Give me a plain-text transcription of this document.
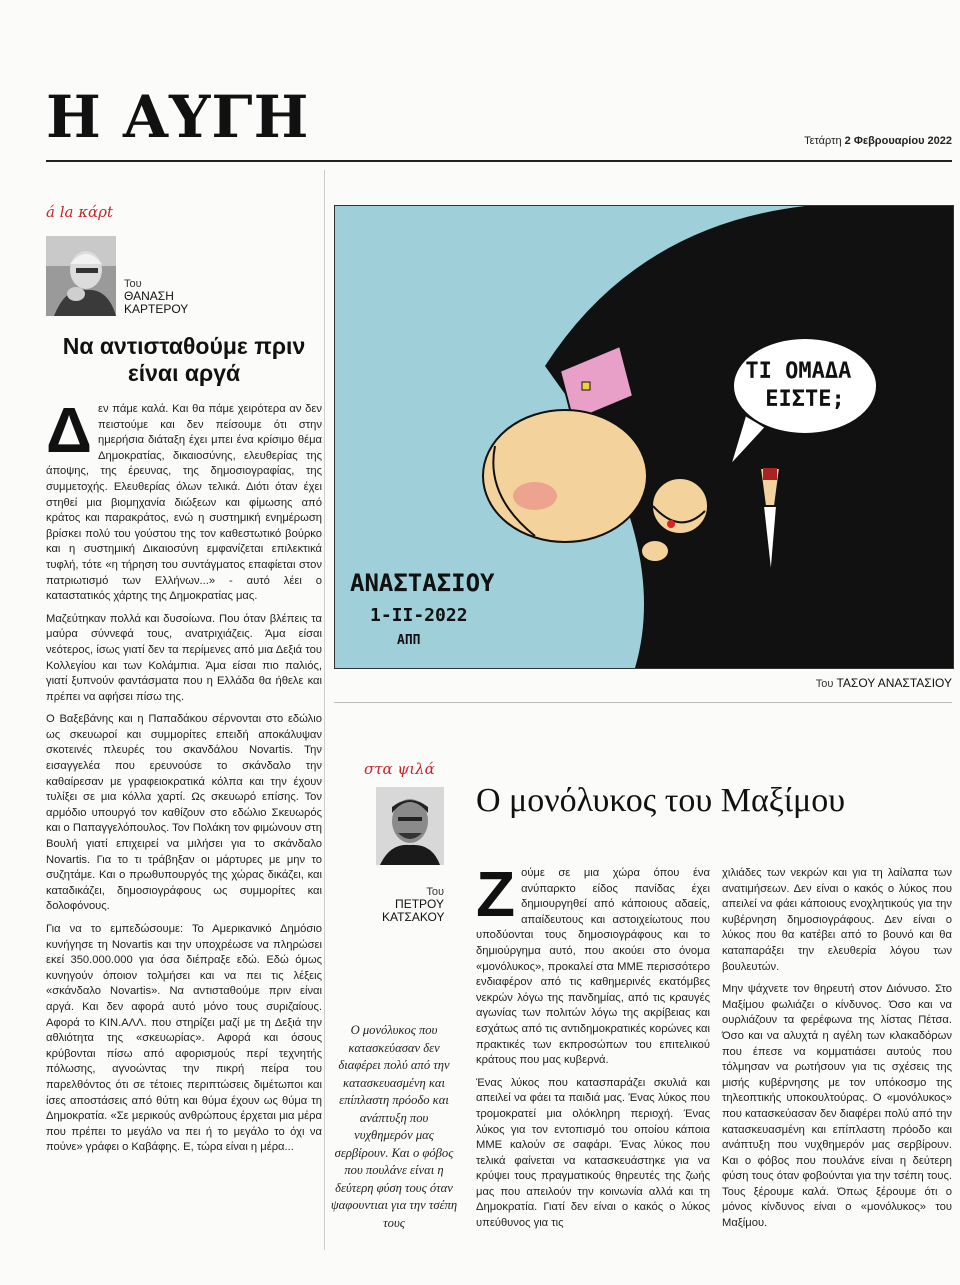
Η ΑΥΓΗ	Τετάρτη 2 Φεβρουαρίου 2022
á la κάρt
Του
ΘΑΝΑΣΗ ΚΑΡΤΕΡΟΥ
Να αντισταθούμε πριν είναι αργά

Δεν πάμε καλά. Και θα πάμε χειρότερα αν δεν πειστούμε και δεν πείσουμε ότι στην ημερήσια διάταξη έχει μπει ένα κρίσιμο θέμα Δημοκρατίας, δικαιοσύνης, ελευθερίας της άποψης, της έρευνας, της δημοσιογραφίας, της συμμετοχής. Ελευθερίας όλων τελικά. Διότι όταν έχει στηθεί μια βιομηχανία διώξεων και φίμωσης από κράτος και παρακράτος, ενώ η συστημική ενημέρωση βρίσκει πολύ του γούστου της τον καθεστωτικό βούρκο και η συστημική Δικαιοσύνη εμφανίζεται επιλεκτικά τυφλή, τότε «η τήρηση του συντάγματος επαφίεται στον πατριωτισμό των Ελλήνων...» - αυτό λέει ο καταστατικός χάρτης της Δημοκρατίας μας.

Μαζεύτηκαν πολλά και δυσοίωνα. Που όταν βλέπεις τα μαύρα σύννεφά τους, ανατριχιάζεις. Άμα είσαι νεότερος, ίσως γιατί δεν τα περίμενες από μια Δεξιά του Κολλεγίου και των Κολάμπια. Άμα είσαι πιο παλιός, γιατί ξυπνούν φαντάσματα που η Ελλάδα θα ήθελε και πρέπει να αφήσει πίσω της.

Ο Βαξεβάνης και η Παπαδάκου σέρνονται στο εδώλιο ως σκευωροί και συμμορίτες επειδή αποκάλυψαν σκοτεινές πλευρές του σκανδάλου Novartis. Την εισαγγελέα που ερευνούσε το σκάνδαλο την καθαίρεσαν με γραφειοκρατικά κόλπα και την έχουν τυλίξει σε μια κόλλα χαρτί. Ως σκευωρό επίσης. Τον αρμόδιο υπουργό τον καθίζουν στο εδώλιο Σκευωρός και ο Παπαγγελόπουλος. Τον Πολάκη τον φιμώνουν στη Βουλή γιατί επιχειρεί να μιλήσει για το σκάνδαλο Novartis. Για το τι τράβηξαν οι μάρτυρες με μην το συζητάμε. Και ο πρωθυπουργός της χώρας δικάζει, και καταδικάζει, δημοσιογράφους ως συμμορίτες και δολοφόνους.

Για να το εμπεδώσουμε: Το Αμερικανικό Δημόσιο κυνήγησε τη Novartis και την υποχρέωσε να πληρώσει εκεί 350.000.000 για όσα διέπραξε εδώ. Εδώ όμως κυνηγούν όποιον τολμήσει και να πει τις λέξεις «σκάνδαλο Novartis». Να αντισταθούμε πριν είναι αργά. Και δεν αφορά αυτό μόνο τους συριζαίους. Αφορά το ΚΙΝ.ΑΛΛ. που στηρίζει μαζί με τη Δεξιά την αθλιότητα της «σκευωρίας». Αφορά και όσους κρύβονται πίσω από αφορισμούς περί τεχνητής πόλωσης, αγνοώντας την πικρή πείρα του παρελθόντος ότι σε τέτοιες περιπτώσεις διμέτωποι και ίσες αποστάσεις από θύτη και θύμα έχουν ως θύμα τη Δημοκρατία. «Σε μερικούς ανθρώπους έρχεται μια μέρα που πρέπει το μεγάλο να πει ή το μεγάλο το όχι να πούνε» γράφει ο Καβάφης. Ε, τώρα είναι η μέρα...

ΤΙ ΟΜΑΔΑ ΕΙΣΤΕ;
ΑΝΑΣΤΑΣΙΟΥ
1-II-2022
ΑΠΠ
Του ΤΑΣΟΥ ΑΝΑΣΤΑΣΙΟΥ
στα ψιλά
Του
ΠΕΤΡΟΥ ΚΑΤΣΑΚΟΥ
Ο μονόλυκος του Μαξίμου
Ο μονόλυκος που κατασκεύασαν δεν διαφέρει πολύ από την κατασκευασμένη και επίπλαστη πρόοδο και ανάπτυξη που νυχθημερόν μας σερβίρουν. Και ο φόβος που πουλάνε είναι η δεύτερη φύση τους όταν ψαφουντιαι για την τσέπη τους

Ζούμε σε μια χώρα όπου ένα ανύπαρκτο είδος πανίδας έχει δημιουργηθεί από κάποιους αδαείς, απαίδευτους και αστοιχείωτους που υποδύονται τους δημοσιογράφους και το δημιούργημα αυτό, που ακούει στο όνομα «μονόλυκος», προκαλεί στα ΜΜΕ περισσότερο ενδιαφέρον από τις καθημερινές εκατόμβες νεκρών λόγω της πανδημίας, από τις κραυγές αγωνίας των πολιτών λόγω της ακρίβειας και εσχάτως από τις αντιδημοκρατικές κορώνες και πρακτικές των εκπροσώπων του επιτελικού κράτους που μας κυβερνά.

Ένας λύκος που κατασπαράζει σκυλιά και απειλεί να φάει τα παιδιά μας. Ένας λύκος που τρομοκρατεί μια ολόκληρη περιοχή. Ένας λύκος για τον εντοπισμό του οποίου κάποια ΜΜΕ καλούν σε σαφάρι. Ένας λύκος που τελικά φαίνεται να κατασκευάστηκε για να κρύψει τους πραγματικούς θηρευτές της ζωής μας που απειλούν την κοινωνία αλλά και τη Δημοκρατία. Γιατί δεν είναι ο κακός ο λύκος υπεύθυνος για τις

χιλιάδες των νεκρών και για τη λαίλαπα των ανατιμήσεων. Δεν είναι ο κακός ο λύκος που απειλεί να φάει κάποιους ενοχλητικούς για την κυβέρνηση δημοσιογράφους. Δεν είναι ο λύκος που θα κατέβει από το βουνό και θα καταπαράξει την ελευθερία λόγου των βουλευτών.

Μην ψάχνετε τον θηρευτή στον Διόνυσο. Στο Μαξίμου φωλιάζει ο κίνδυνος. Όσο και να ουρλιάζουν τα φερέφωνα της λίστας Πέτσα. Όσο και να αλυχτά η αγέλη των κλακαδόρων που έπεσε να κομματιάσει αυτούς που τόλμησαν να ρωτήσουν για τις σχέσεις της μισής κυβέρνησης με τον υπόκοσμο της τηλεοπτικής υποκουλτούρας. Ο «μονόλυκος» που κατασκεύασαν δεν διαφέρει πολύ από την κατασκευασμένη και επίπλαστη πρόοδο και ανάπτυξη που νυχθημερόν μας σερβίρουν. Και ο φόβος που πουλάνε είναι η δεύτερη φύση τους όταν φοβούνται για την τσέπη τους. Τους ξέρουμε καλά. Όπως ξέρουμε ότι ο μόνος κίνδυνος είναι ο «μονόλυκος» του Μαξίμου.
